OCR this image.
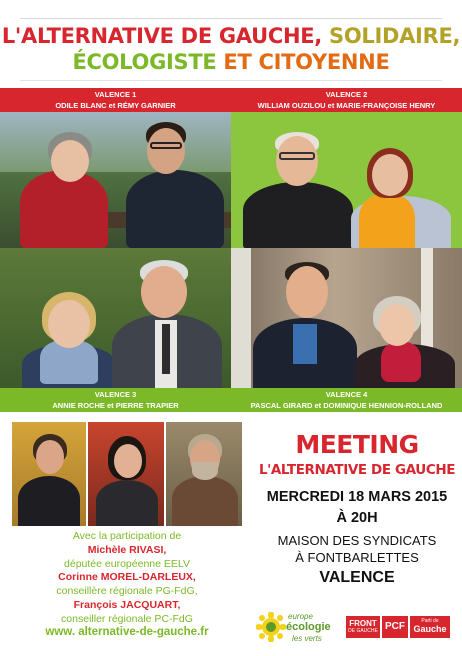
L'ALTERNATIVE DE GAUCHE, SOLIDAIRE,
ÉCOLOGISTE ET CITOYENNE
VALENCE 1
ODILE BLANC et RÉMY GARNIER
VALENCE 2
WILLIAM OUZILOU et MARIE-FRANÇOISE HENRY
VALENCE 3
ANNIE ROCHE et PIERRE TRAPIER
VALENCE 4
PASCAL GIRARD et DOMINIQUE HENNION-ROLLAND
MEETING
L'ALTERNATIVE DE GAUCHE
MERCREDI 18 MARS 2015
À 20H
MAISON DES SYNDICATS
À FONTBARLETTES
VALENCE
Avec la participation de
Michèle RIVASI,
députée européenne EELV
Corinne MOREL-DARLEUX,
conseillère régionale PG-FdG,
François JACQUART,
conseiller régionale PC-FdG
www. alternative-de-gauche.fr
europe
écologie
les verts
FRONT
DE GAUCHE PCF	Parti de
Gauche
